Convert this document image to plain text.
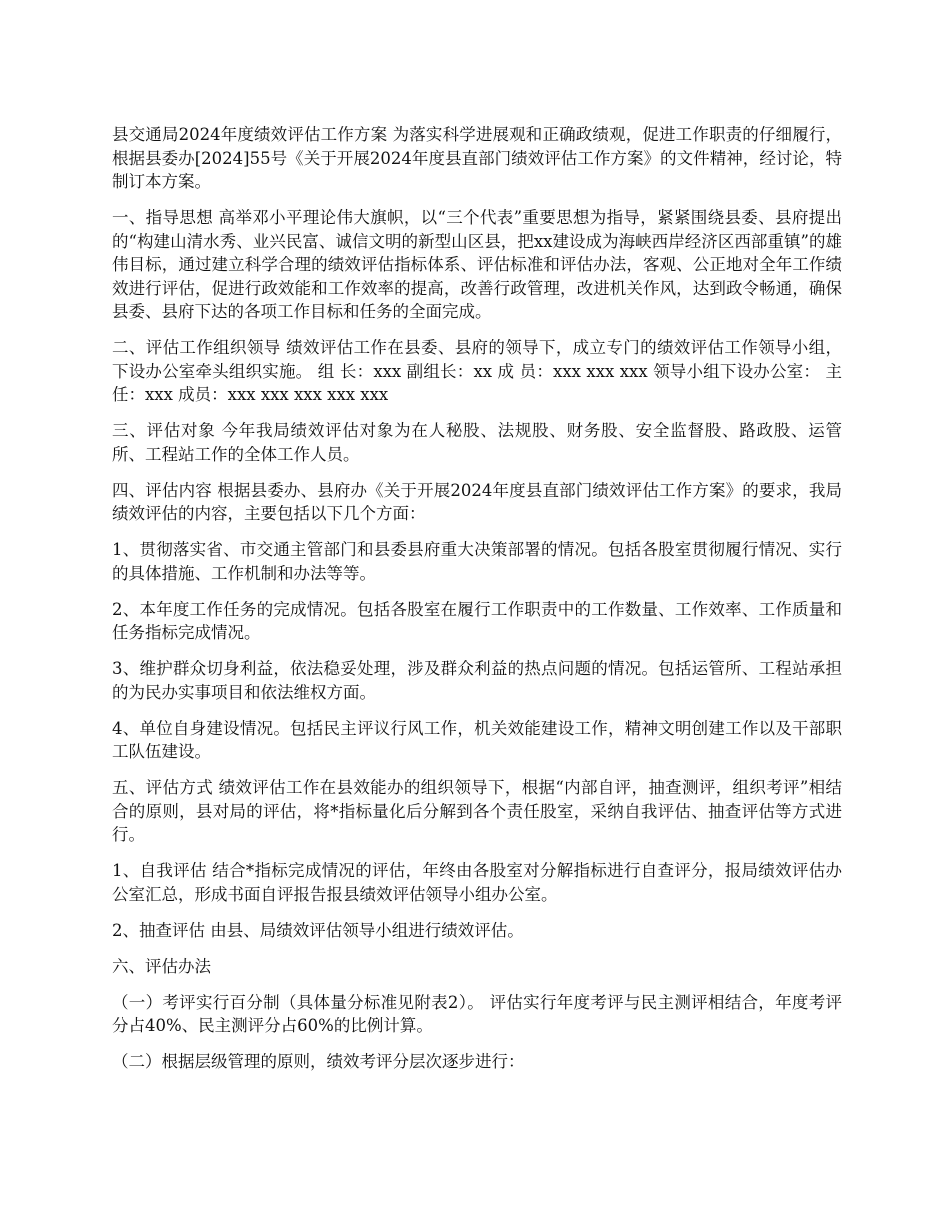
县交通局2024年度绩效评估工作方案 为落实科学进展观和正确政绩观，促进工作职责的仔细履行，根据县委办[2024]55号《关于开展2024年度县直部门绩效评估工作方案》的文件精神，经讨论，特制订本方案。

一、指导思想 高举邓小平理论伟大旗帜，以“三个代表”重要思想为指导，紧紧围绕县委、县府提出的“构建山清水秀、业兴民富、诚信文明的新型山区县，把xx建设成为海峡西岸经济区西部重镇”的雄伟目标，通过建立科学合理的绩效评估指标体系、评估标准和评估办法，客观、公正地对全年工作绩效进行评估，促进行政效能和工作效率的提高，改善行政管理，改进机关作风，达到政令畅通，确保县委、县府下达的各项工作目标和任务的全面完成。

二、评估工作组织领导 绩效评估工作在县委、县府的领导下，成立专门的绩效评估工作领导小组，下设办公室牵头组织实施。 组 长：xxx 副组长：xx 成 员：xxx xxx xxx 领导小组下设办公室： 主任：xxx 成员：xxx xxx xxx xxx xxx

三、评估对象 今年我局绩效评估对象为在人秘股、法规股、财务股、安全监督股、路政股、运管所、工程站工作的全体工作人员。

四、评估内容 根据县委办、县府办《关于开展2024年度县直部门绩效评估工作方案》的要求，我局绩效评估的内容，主要包括以下几个方面：

1、贯彻落实省、市交通主管部门和县委县府重大决策部署的情况。包括各股室贯彻履行情况、实行的具体措施、工作机制和办法等等。

2、本年度工作任务的完成情况。包括各股室在履行工作职责中的工作数量、工作效率、工作质量和任务指标完成情况。

3、维护群众切身利益，依法稳妥处理，涉及群众利益的热点问题的情况。包括运管所、工程站承担的为民办实事项目和依法维权方面。

4、单位自身建设情况。包括民主评议行风工作，机关效能建设工作，精神文明创建工作以及干部职工队伍建设。

五、评估方式 绩效评估工作在县效能办的组织领导下，根据“内部自评，抽查测评，组织考评”相结合的原则，县对局的评估，将*指标量化后分解到各个责任股室，采纳自我评估、抽查评估等方式进行。

1、自我评估 结合*指标完成情况的评估，年终由各股室对分解指标进行自查评分，报局绩效评估办公室汇总，形成书面自评报告报县绩效评估领导小组办公室。

2、抽查评估 由县、局绩效评估领导小组进行绩效评估。

六、评估办法

（一）考评实行百分制（具体量分标准见附表2）。 评估实行年度考评与民主测评相结合，年度考评分占40%、民主测评分占60%的比例计算。

（二）根据层级管理的原则，绩效考评分层次逐步进行：
